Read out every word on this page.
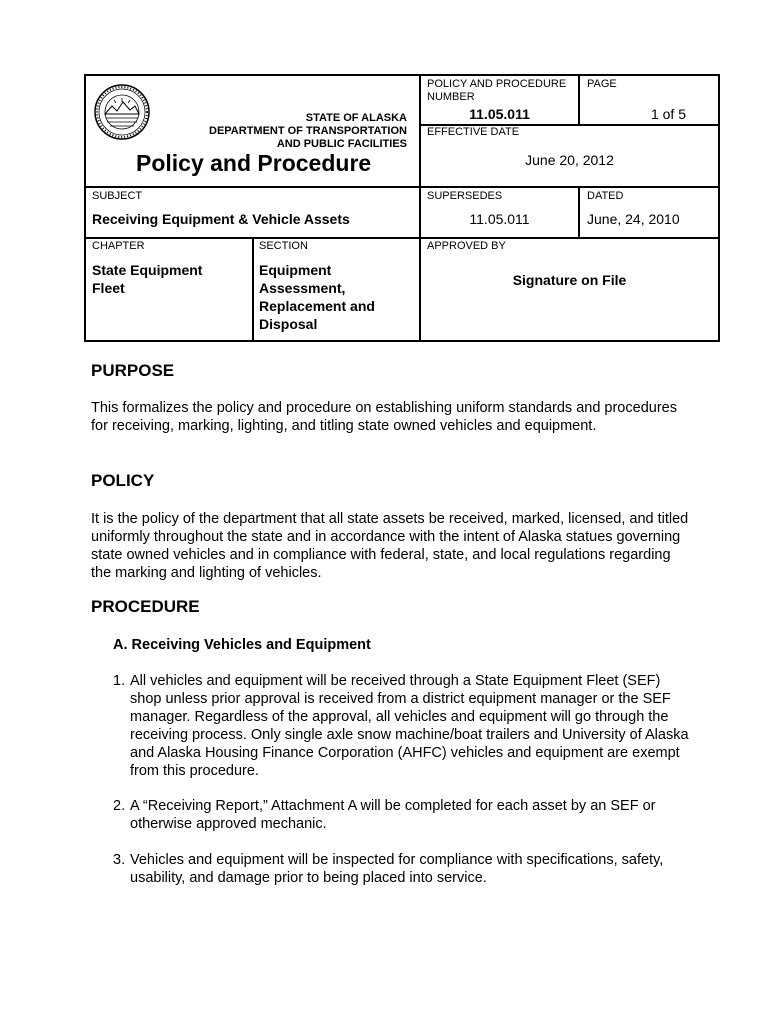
STATE OF ALASKA
DEPARTMENT OF TRANSPORTATION
AND PUBLIC FACILITIES
Policy and Procedure
POLICY AND PROCEDURE
NUMBER
11.05.011
PAGE
1 of 5
EFFECTIVE DATE
June 20, 2012
SUBJECT
Receiving Equipment & Vehicle Assets
SUPERSEDES
11.05.011
DATED
June, 24, 2010
CHAPTER
State Equipment
Fleet
SECTION
Equipment
Assessment,
Replacement and
Disposal
APPROVED BY
Signature on File
PURPOSE

This formalizes the policy and procedure on establishing uniform standards and procedures for receiving, marking, lighting, and titling state owned vehicles and equipment.

POLICY

It is the policy of the department that all state assets be received, marked, licensed, and titled uniformly throughout the state and in accordance with the intent of Alaska statues governing state owned vehicles and in compliance with federal, state, and local regulations regarding the marking and lighting of vehicles.

PROCEDURE

A. Receiving Vehicles and Equipment

1. All vehicles and equipment will be received through a State Equipment Fleet (SEF) shop unless prior approval is received from a district equipment manager or the SEF manager. Regardless of the approval, all vehicles and equipment will go through the receiving process. Only single axle snow machine/boat trailers and University of Alaska and Alaska Housing Finance Corporation (AHFC) vehicles and equipment are exempt from this procedure.
2. A “Receiving Report,” Attachment A will be completed for each asset by an SEF or otherwise approved mechanic.
3. Vehicles and equipment will be inspected for compliance with specifications, safety, usability, and damage prior to being placed into service.
